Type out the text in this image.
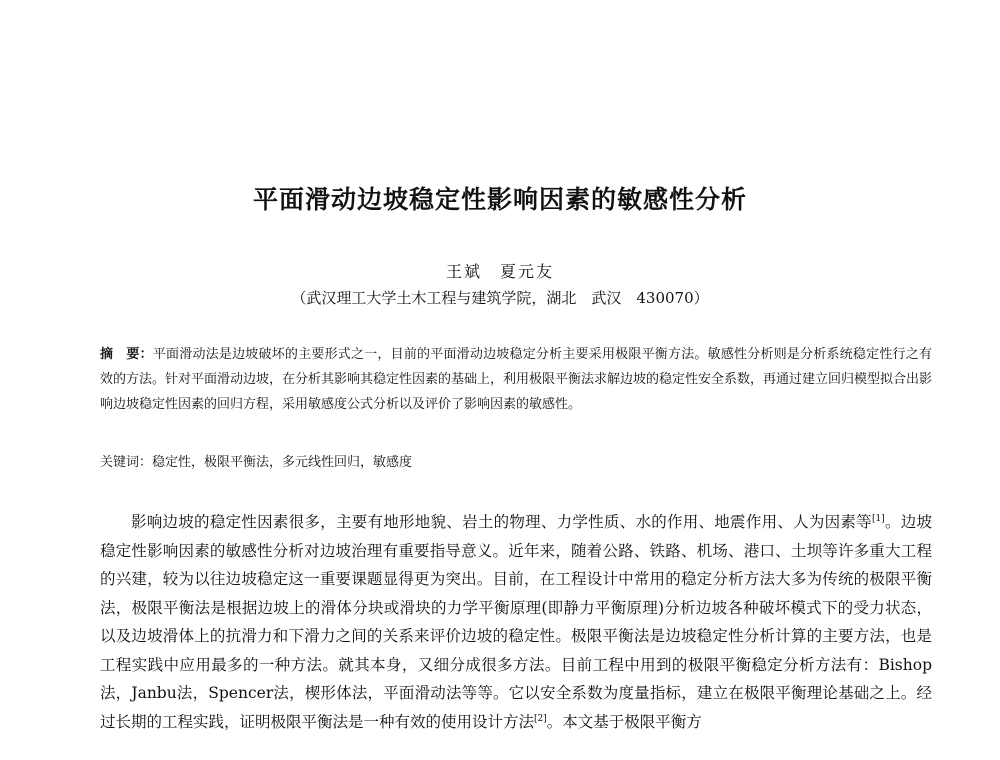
平面滑动边坡稳定性影响因素的敏感性分析
王斌　夏元友
（武汉理工大学土木工程与建筑学院，湖北　武汉　430070）
摘　要：平面滑动法是边坡破坏的主要形式之一，目前的平面滑动边坡稳定分析主要采用极限平衡方法。敏感性分析则是分析系统稳定性行之有效的方法。针对平面滑动边坡，在分析其影响其稳定性因素的基础上，利用极限平衡法求解边坡的稳定性安全系数，再通过建立回归模型拟合出影响边坡稳定性因素的回归方程，采用敏感度公式分析以及评价了影响因素的敏感性。
关键词：稳定性，极限平衡法，多元线性回归，敏感度
影响边坡的稳定性因素很多，主要有地形地貌、岩土的物理、力学性质、水的作用、地震作用、人为因素等[1]。边坡稳定性影响因素的敏感性分析对边坡治理有重要指导意义。近年来，随着公路、铁路、机场、港口、土坝等许多重大工程的兴建，较为以往边坡稳定这一重要课题显得更为突出。目前，在工程设计中常用的稳定分析方法大多为传统的极限平衡法，极限平衡法是根据边坡上的滑体分块或滑块的力学平衡原理(即静力平衡原理)分析边坡各种破坏模式下的受力状态，以及边坡滑体上的抗滑力和下滑力之间的关系来评价边坡的稳定性。极限平衡法是边坡稳定性分析计算的主要方法，也是工程实践中应用最多的一种方法。就其本身，又细分成很多方法。目前工程中用到的极限平衡稳定分析方法有：Bishop法，Janbu法，Spencer法，楔形体法，平面滑动法等等。它以安全系数为度量指标，建立在极限平衡理论基础之上。经过长期的工程实践，证明极限平衡法是一种有效的使用设计方法[2]。本文基于极限平衡方
